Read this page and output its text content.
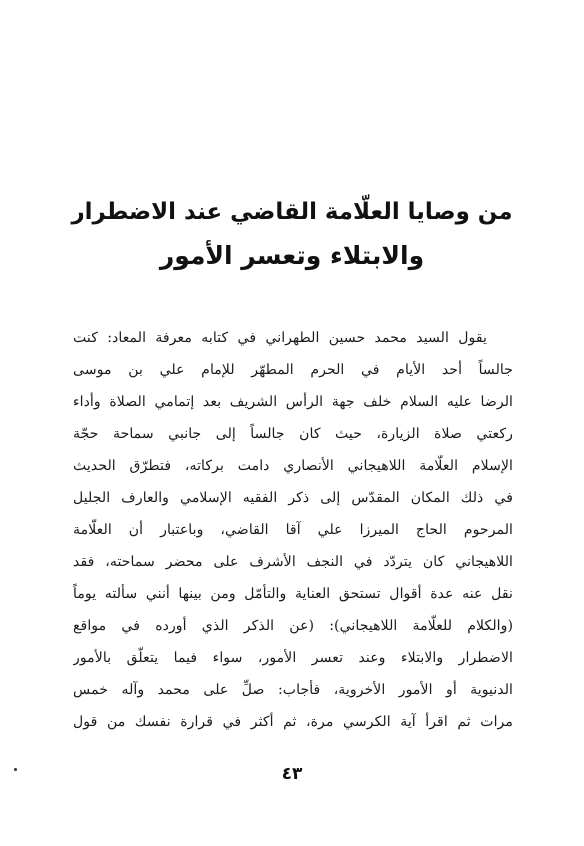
من وصايا العلّامة القاضي عند الاضطرار
والابتلاء وتعسر الأمور
يقول السيد محمد حسين الطهراني في كتابه معرفة المعاد: كنت
جالساً أحد الأيام في الحرم المطهّر للإمام علي بن موسى
الرضا عليه السلام خلف جهة الرأس الشريف بعد إتمامي الصلاة وأداء
ركعتي صلاة الزيارة، حيث كان جالساً إلى جانبي سماحة حجّة
الإسلام العلّامة اللاهيجاني الأنصاري دامت بركاته، فتطرّق الحديث
في ذلك المكان المقدّس إلى ذكر الفقيه الإسلامي والعارف الجليل
المرحوم الحاج الميرزا علي آقا القاضي، وباعتبار أن العلّامة
اللاهيجاني كان يتردّد في النجف الأشرف على محضر سماحته، فقد
نقل عنه عدة أقوال تستحق العناية والتأمّل ومن بينها أنني سألته يوماً
(والكلام للعلّامة اللاهيجاني): (عن الذكر الذي أورده في مواقع
الاضطرار والابتلاء وعند تعسر الأمور، سواء فيما يتعلّق بالأمور
الدنيوية أو الأمور الأخروية، فأجاب: صلِّ على محمد وآله خمس
مرات ثم اقرأ آية الكرسي مرة، ثم أكثر في قرارة نفسك من قول
٤٣
